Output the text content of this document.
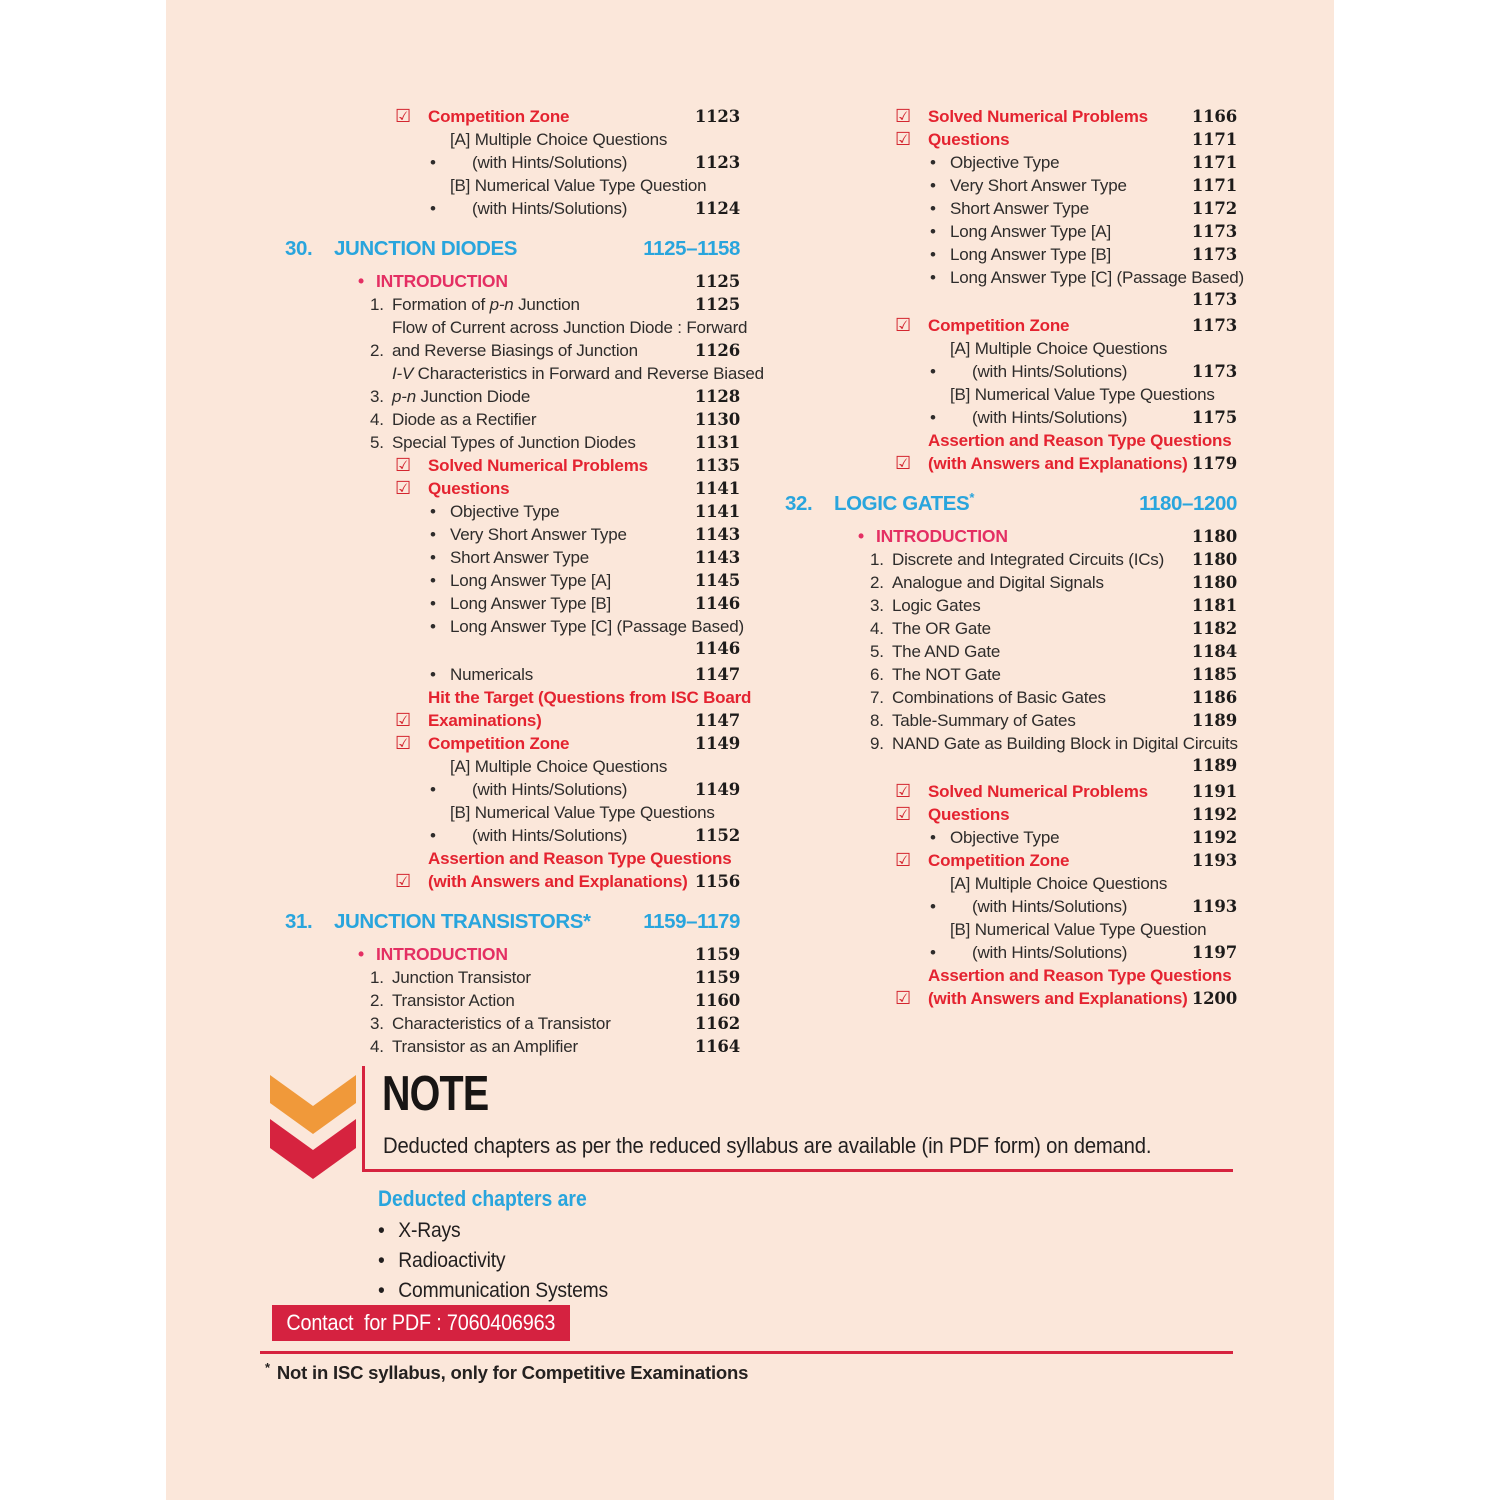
☑	Competition Zone	1123
•
[A] Multiple Choice Questions
(with Hints/Solutions)	1123
•
[B] Numerical Value Type Question
(with Hints/Solutions)	1124
30.	JUNCTION DIODES	1125–1158
• INTRODUCTION	1125
1. Formation of p-n Junction	1125
2.
Flow of Current across Junction Diode : Forward
and Reverse Biasings of Junction	1126
3.
I-V Characteristics in Forward and Reverse Biased
p-n Junction Diode	1128
4. Diode as a Rectifier	1130
5. Special Types of Junction Diodes	1131
☑	Solved Numerical Problems	1135
☑	Questions	1141
• Objective Type	1141
• Very Short Answer Type	1143
• Short Answer Type	1143
• Long Answer Type [A]	1145
• Long Answer Type [B]	1146
• Long Answer Type [C] (Passage Based)
1146
• Numericals	1147
☑
Hit the Target (Questions from ISC Board
Examinations)	1147
☑	Competition Zone	1149
•
[A] Multiple Choice Questions
(with Hints/Solutions)	1149
•
[B] Numerical Value Type Questions
(with Hints/Solutions)	1152
☑
Assertion and Reason Type Questions
(with Answers and Explanations) 1156
31.	JUNCTION TRANSISTORS*	1159–1179
• INTRODUCTION	1159
1. Junction Transistor	1159
2. Transistor Action	1160
3. Characteristics of a Transistor	1162
4. Transistor as an Amplifier	1164
☑	Solved Numerical Problems	1166
☑	Questions	1171
• Objective Type	1171
• Very Short Answer Type	1171
• Short Answer Type	1172
• Long Answer Type [A]	1173
• Long Answer Type [B]	1173
• Long Answer Type [C] (Passage Based)
1173
☑	Competition Zone	1173
•
[A] Multiple Choice Questions
(with Hints/Solutions)	1173
•
[B] Numerical Value Type Questions
(with Hints/Solutions)	1175
☑
Assertion and Reason Type Questions
(with Answers and Explanations) 1179
32.	LOGIC GATES*	1180–1200
• INTRODUCTION	1180
1. Discrete and Integrated Circuits (ICs)	1180
2. Analogue and Digital Signals	1180
3. Logic Gates	1181
4. The OR Gate	1182
5. The AND Gate	1184
6. The NOT Gate	1185
7. Combinations of Basic Gates	1186
8. Table-Summary of Gates	1189
9. NAND Gate as Building Block in Digital Circuits
1189
☑	Solved Numerical Problems	1191
☑	Questions	1192
• Objective Type	1192
☑	Competition Zone	1193
•
[A] Multiple Choice Questions
(with Hints/Solutions)	1193
•
[B] Numerical Value Type Question
(with Hints/Solutions)	1197
☑
Assertion and Reason Type Questions
(with Answers and Explanations) 1200
NOTE
Deducted chapters as per the reduced syllabus are available (in PDF form) on demand.
Deducted chapters are
• X-Rays
• Radioactivity
• Communication Systems
Contact  for PDF : 7060406963
* Not in ISC syllabus, only for Competitive Examinations
